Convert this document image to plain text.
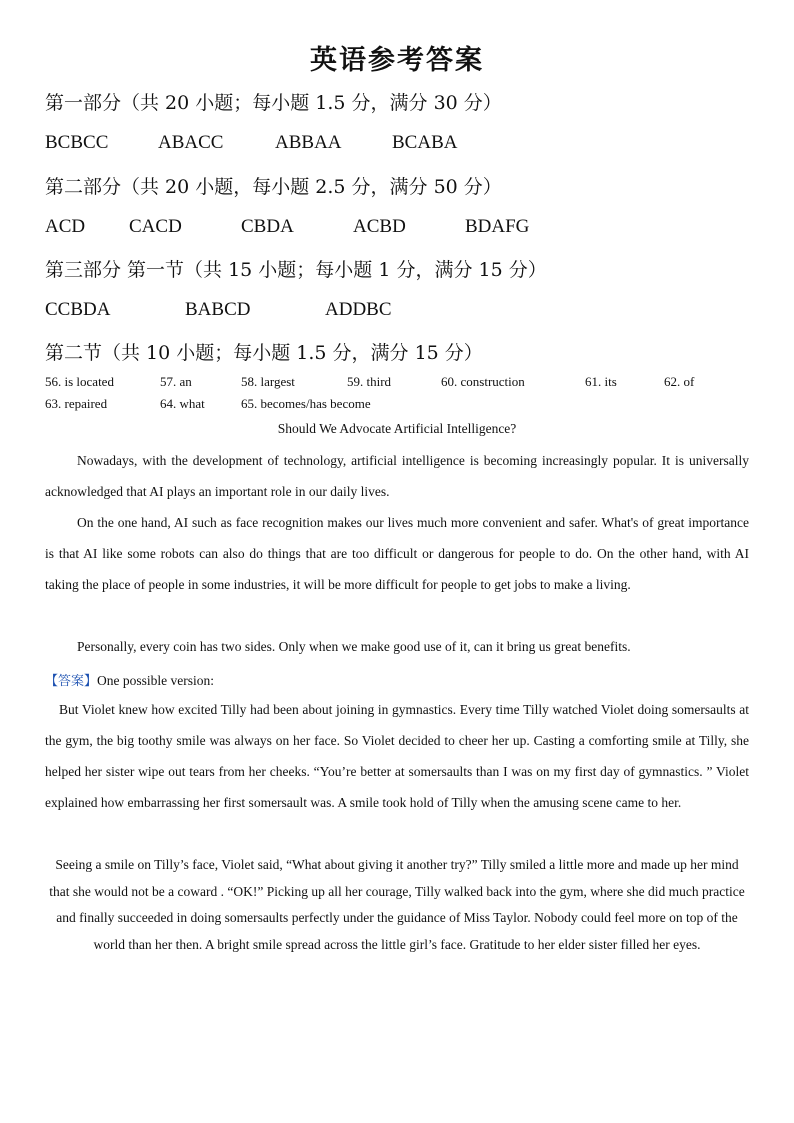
英语参考答案
第一部分（共 20 小题；每小题 1.5 分，满分 30 分）
BCBCC	ABACC	ABBAA	BCABA
第二部分（共 20 小题，每小题 2.5 分，满分 50 分）
ACD CACD	CBDA	ACBD	BDAFG
第三部分 第一节（共 15 小题；每小题 1 分，满分 15 分）
CCBDA	BABCD	ADDBC
第二节（共 10 小题；每小题 1.5 分，满分 15 分）
56. is located	57. an	58. largest	59. third	60. construction	61. its	62. of
63. repaired	64. what	65. becomes/has become
Should We Advocate Artificial Intelligence?
Nowadays, with the development of technology, artificial intelligence is becoming increasingly popular. It is universally acknowledged that AI plays an important role in our daily lives.
On the one hand, AI such as face recognition makes our lives much more convenient and safer. What's of great importance is that AI like some robots can also do things that are too difficult or dangerous for people to do. On the other hand, with AI taking the place of people in some industries, it will be more difficult for people to get jobs to make a living.
Personally, every coin has two sides. Only when we make good use of it, can it bring us great benefits.
【答案】One possible version:
But Violet knew how excited Tilly had been about joining in gymnastics. Every time Tilly watched Violet doing somersaults at the gym, the big toothy smile was always on her face. So Violet decided to cheer her up. Casting a comforting smile at Tilly, she helped her sister wipe out tears from her cheeks. “You’re better at somersaults than I was on my first day of gymnastics. ” Violet explained how embarrassing her first somersault was. A smile took hold of Tilly when the amusing scene came to her.
Seeing a smile on Tilly’s face, Violet said, “What about giving it another try?” Tilly smiled a little more and made up her mind that she would not be a coward . “OK!” Picking up all her courage, Tilly walked back into the gym, where she did much practice and finally succeeded in doing somersaults perfectly under the guidance of Miss Taylor. Nobody could feel more on top of the world than her then. A bright smile spread across the little girl’s face. Gratitude to her elder sister filled her eyes.
